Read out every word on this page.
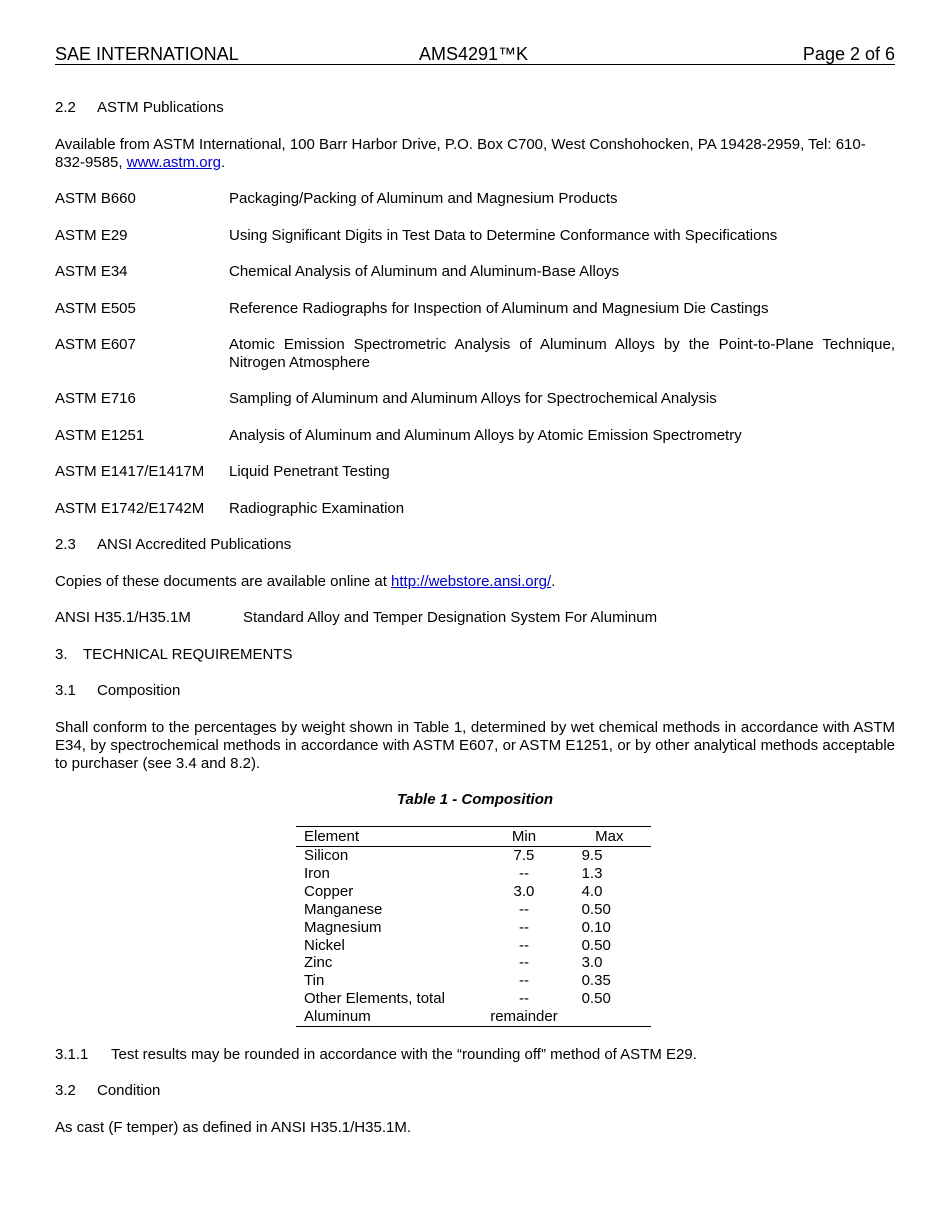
SAE INTERNATIONAL	AMS4291™K	Page 2 of 6
2.2 ASTM Publications
Available from ASTM International, 100 Barr Harbor Drive, P.O. Box C700, West Conshohocken, PA 19428-2959, Tel: 610-
832-9585, www.astm.org.
ASTM B660	Packaging/Packing of Aluminum and Magnesium Products
ASTM E29	Using Significant Digits in Test Data to Determine Conformance with Specifications
ASTM E34	Chemical Analysis of Aluminum and Aluminum-Base Alloys
ASTM E505	Reference Radiographs for Inspection of Aluminum and Magnesium Die Castings
ASTM E607	Atomic Emission Spectrometric Analysis of Aluminum Alloys by the Point-to-Plane Technique, Nitrogen Atmosphere
ASTM E716	Sampling of Aluminum and Aluminum Alloys for Spectrochemical Analysis
ASTM E1251	Analysis of Aluminum and Aluminum Alloys by Atomic Emission Spectrometry
ASTM E1417/E1417M Liquid Penetrant Testing
ASTM E1742/E1742M Radiographic Examination
2.3 ANSI Accredited Publications
Copies of these documents are available online at http://webstore.ansi.org/.
ANSI H35.1/H35.1M	Standard Alloy and Temper Designation System For Aluminum
3. TECHNICAL REQUIREMENTS
3.1 Composition
Shall conform to the percentages by weight shown in Table 1, determined by wet chemical methods in accordance with ASTM E34, by spectrochemical methods in accordance with ASTM E607, or ASTM E1251, or by other analytical methods acceptable to purchaser (see 3.4 and 8.2).
Table 1 - Composition
Element	Min	Max
Silicon	7.5	9.5
Iron	--	1.3
Copper	3.0	4.0
Manganese	--	0.50
Magnesium	--	0.10
Nickel	--	0.50
Zinc	--	3.0
Tin	--	0.35
Other Elements, total	--	0.50
Aluminum	remainder	
3.1.1 Test results may be rounded in accordance with the “rounding off” method of ASTM E29.
3.2 Condition
As cast (F temper) as defined in ANSI H35.1/H35.1M.
